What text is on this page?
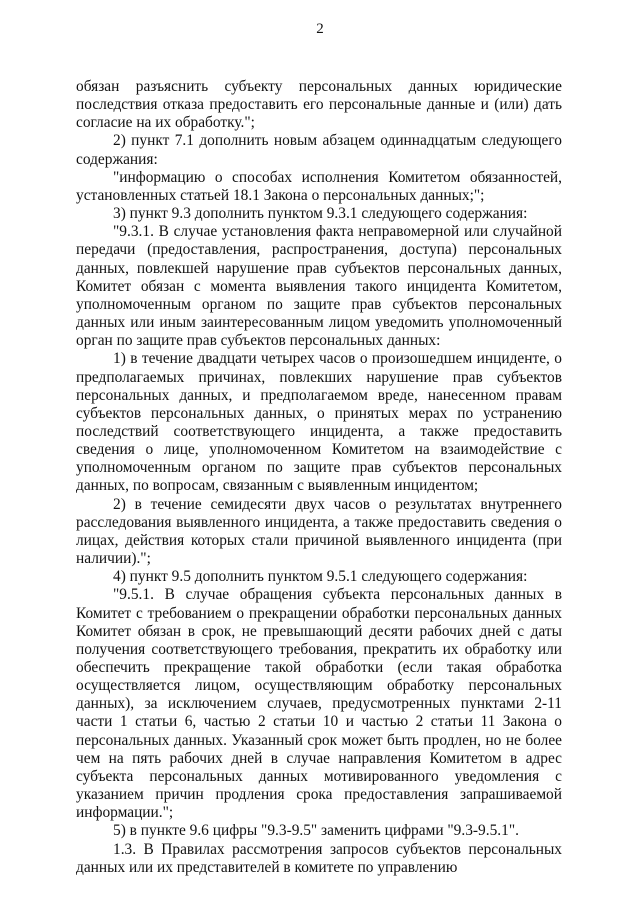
2

обязан разъяснить субъекту персональных данных юридические последствия отказа предоставить его персональные данные и (или) дать согласие на их обработку.";

2) пункт 7.1 дополнить новым абзацем одиннадцатым следующего содержания:

"информацию о способах исполнения Комитетом обязанностей, установленных статьей 18.1 Закона о персональных данных;";

3) пункт 9.3 дополнить пунктом 9.3.1 следующего содержания:

"9.3.1. В случае установления факта неправомерной или случайной передачи (предоставления, распространения, доступа) персональных данных, повлекшей нарушение прав субъектов персональных данных, Комитет обязан с момента выявления такого инцидента Комитетом, уполномоченным органом по защите прав субъектов персональных данных или иным заинтересованным лицом уведомить уполномоченный орган по защите прав субъектов персональных данных:

1) в течение двадцати четырех часов о произошедшем инциденте, о предполагаемых причинах, повлекших нарушение прав субъектов персональных данных, и предполагаемом вреде, нанесенном правам субъектов персональных данных, о принятых мерах по устранению последствий соответствующего инцидента, а также предоставить сведения о лице, уполномоченном Комитетом на взаимодействие с уполномоченным органом по защите прав субъектов персональных данных, по вопросам, связанным с выявленным инцидентом;

2) в течение семидесяти двух часов о результатах внутреннего расследования выявленного инцидента, а также предоставить сведения о лицах, действия которых стали причиной выявленного инцидента (при наличии).";

4) пункт 9.5 дополнить пунктом 9.5.1 следующего содержания:

"9.5.1. В случае обращения субъекта персональных данных в Комитет с требованием о прекращении обработки персональных данных Комитет обязан в срок, не превышающий десяти рабочих дней с даты получения соответствующего требования, прекратить их обработку или обеспечить прекращение такой обработки (если такая обработка осуществляется лицом, осуществляющим обработку персональных данных), за исключением случаев, предусмотренных пунктами 2-11 части 1 статьи 6, частью 2 статьи 10 и частью 2 статьи 11 Закона о персональных данных. Указанный срок может быть продлен, но не более чем на пять рабочих дней в случае направления Комитетом в адрес субъекта персональных данных мотивированного уведомления с указанием причин продления срока предоставления запрашиваемой информации.";

5) в пункте 9.6 цифры "9.3-9.5" заменить цифрами "9.3-9.5.1".

1.3. В Правилах рассмотрения запросов субъектов персональных данных или их представителей в комитете по управлению
